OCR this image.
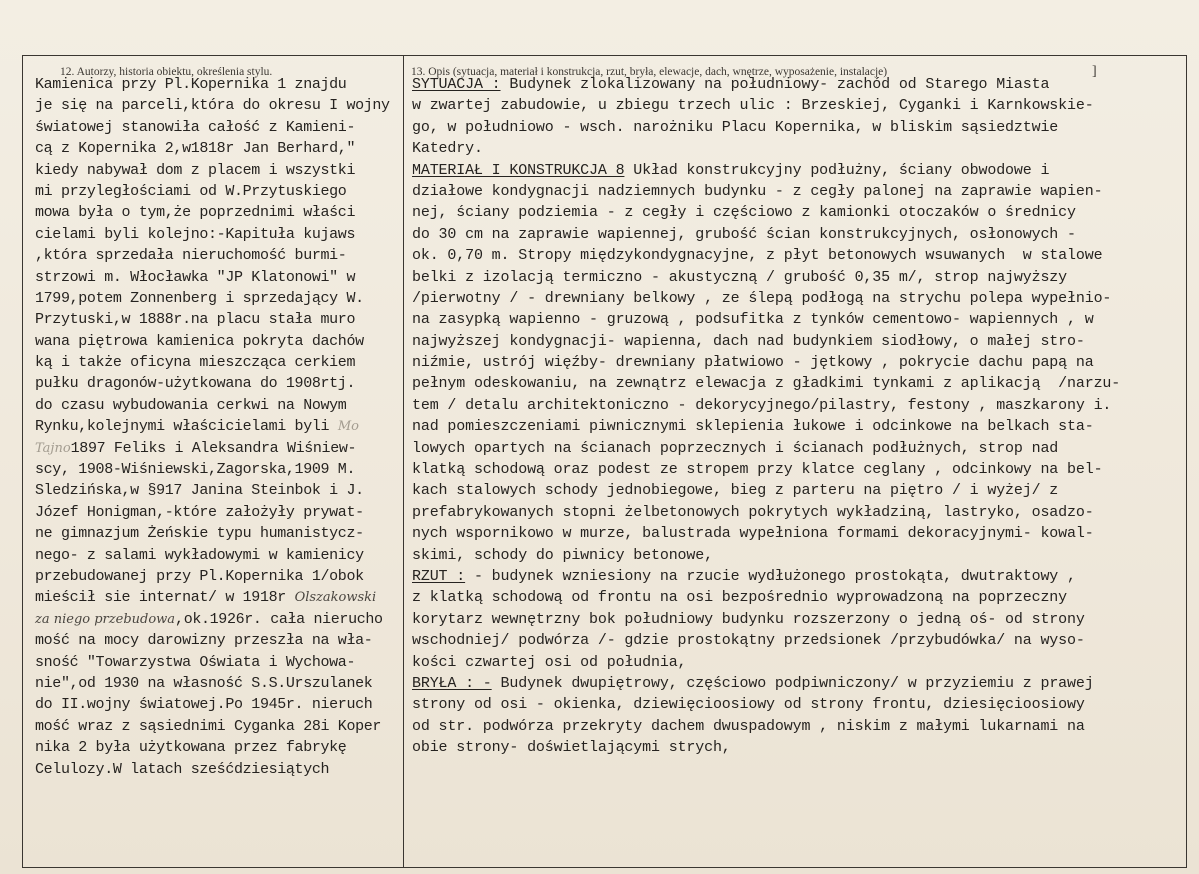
12. Autorzy, historia obiektu, określenia stylu.	13. Opis (sytuacja, materiał i konstrukcja, rzut, bryła, elewacje, dach, wnętrze, wyposażenie, instalacje)	]
Kamienica przy Pl.Kopernika 1 znajdu
je się na parceli,która do okresu I wojny
światowej stanowiła całość z Kamieni-
cą z Kopernika 2,w1818r Jan Berhard,"
kiedy nabywał dom z placem i wszystki
mi przyległościami od W.Przytuskiego
mowa była o tym,że poprzednimi właści
cielami byli kolejno:-Kapituła kujaws
,która sprzedała nieruchomość burmi-
strzowi m. Włocławka "JP Klatonowi" w
1799,potem Zonnenberg i sprzedający W.
Przytuski,w 1888r.na placu stała muro
wana piętrowa kamienica pokryta dachów
ką i także oficyna mieszcząca cerkiem
pułku dragonów-użytkowana do 1908rtj.
do czasu wybudowania cerkwi na Nowym
Rynku,kolejnymi właścicielami byli Mo
Tajno1897 Feliks i Aleksandra Wiśniew-
scy, 1908-Wiśniewski,Zagorska,1909 M.
Sledzińska,w §917 Janina Steinbok i J.
Józef Honigman,-które założyły prywat-
ne gimnazjum Żeńskie typu humanistycz-
nego- z salami wykładowymi w kamienicy
przebudowanej przy Pl.Kopernika 1/obok
mieścił sie internat/ w 1918r Olszakowski
za niego przebudowa,ok.1926r. cała nierucho
mość na mocy darowizny przeszła na wła-
sność "Towarzystwa Oświata i Wychowa-
nie",od 1930 na własność S.S.Urszulanek
do II.wojny światowej.Po 1945r. nieruch
mość wraz z sąsiednimi Cyganka 28i Koper
nika 2 była użytkowana przez fabrykę
Celulozy.W latach sześćdziesiątych
SYTUACJA : Budynek zlokalizowany na południowy- zachód od Starego Miasta
w zwartej zabudowie, u zbiegu trzech ulic : Brzeskiej, Cyganki i Karnkowskie-
go, w południowo - wsch. narożniku Placu Kopernika, w bliskim sąsiedztwie
Katedry.
MATERIAŁ I KONSTRUKCJA 8 Układ konstrukcyjny podłużny, ściany obwodowe i
działowe kondygnacji nadziemnych budynku - z cegły palonej na zaprawie wapien-
nej, ściany podziemia - z cegły i częściowo z kamionki otoczaków o średnicy
do 30 cm na zaprawie wapiennej, grubość ścian konstrukcyjnych, osłonowych -
ok. 0,70 m. Stropy międzykondygnacyjne, z płyt betonowych wsuwanych  w stalowe
belki z izolacją termiczno - akustyczną / grubość 0,35 m/, strop najwyższy
/pierwotny / - drewniany belkowy , ze ślepą podłogą na strychu polepa wypełnio-
na zasypką wapienno - gruzową , podsufitka z tynków cementowo- wapiennych , w
najwyższej kondygnacji- wapienna, dach nad budynkiem siodłowy, o małej stro-
niźmie, ustrój więźby- drewniany płatwiowo - jętkowy , pokrycie dachu papą na
pełnym odeskowaniu, na zewnątrz elewacja z gładkimi tynkami z aplikacją  /narzu-
tem / detalu architektoniczno - dekorycyjnego/pilastry, festony , maszkarony i.
nad pomieszczeniami piwnicznymi sklepienia łukowe i odcinkowe na belkach sta-
lowych opartych na ścianach poprzecznych i ścianach podłużnych, strop nad
klatką schodową oraz podest ze stropem przy klatce ceglany , odcinkowy na bel-
kach stalowych schody jednobiegowe, bieg z parteru na piętro / i wyżej/ z
prefabrykowanych stopni żelbetonowych pokrytych wykładziną, lastryko, osadzo-
nych wspornikowo w murze, balustrada wypełniona formami dekoracyjnymi- kowal-
skimi, schody do piwnicy betonowe,
RZUT : - budynek wzniesiony na rzucie wydłużonego prostokąta, dwutraktowy ,
z klatką schodową od frontu na osi bezpośrednio wyprowadzoną na poprzeczny
korytarz wewnętrzny bok południowy budynku rozszerzony o jedną oś- od strony
wschodniej/ podwórza /- gdzie prostokątny przedsionek /przybudówka/ na wyso-
kości czwartej osi od południa,
BRYŁA : - Budynek dwupiętrowy, częściowo podpiwniczony/ w przyziemiu z prawej
strony od osi - okienka, dziewięcioosiowy od strony frontu, dziesięcioosiowy
od str. podwórza przekryty dachem dwuspadowym , niskim z małymi lukarnami na
obie strony- doświetlającymi strych,
